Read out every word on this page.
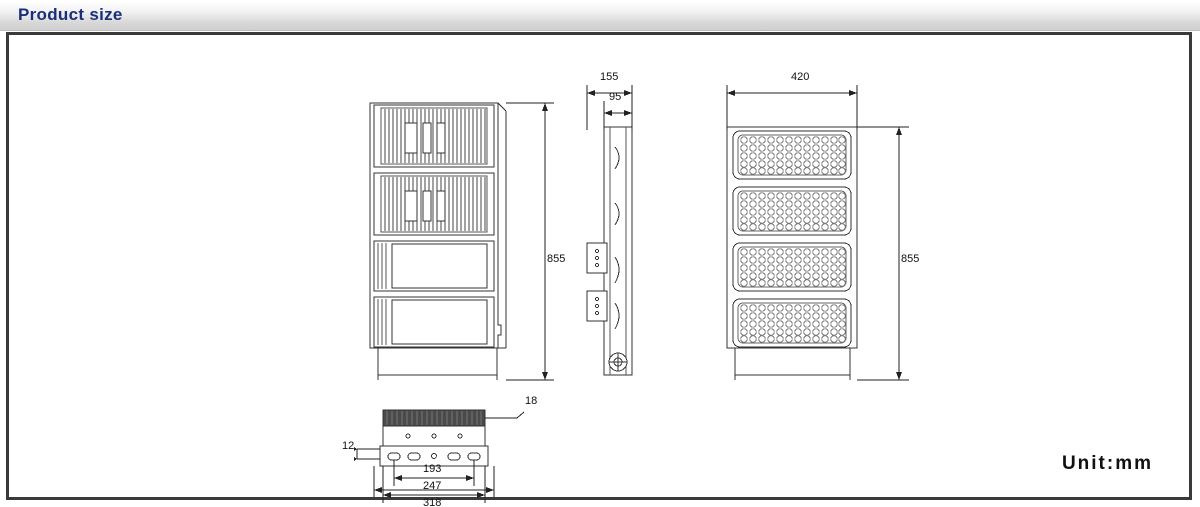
Product size
855	855
420
155
95
18
12
193
247
318
Unit:mm
